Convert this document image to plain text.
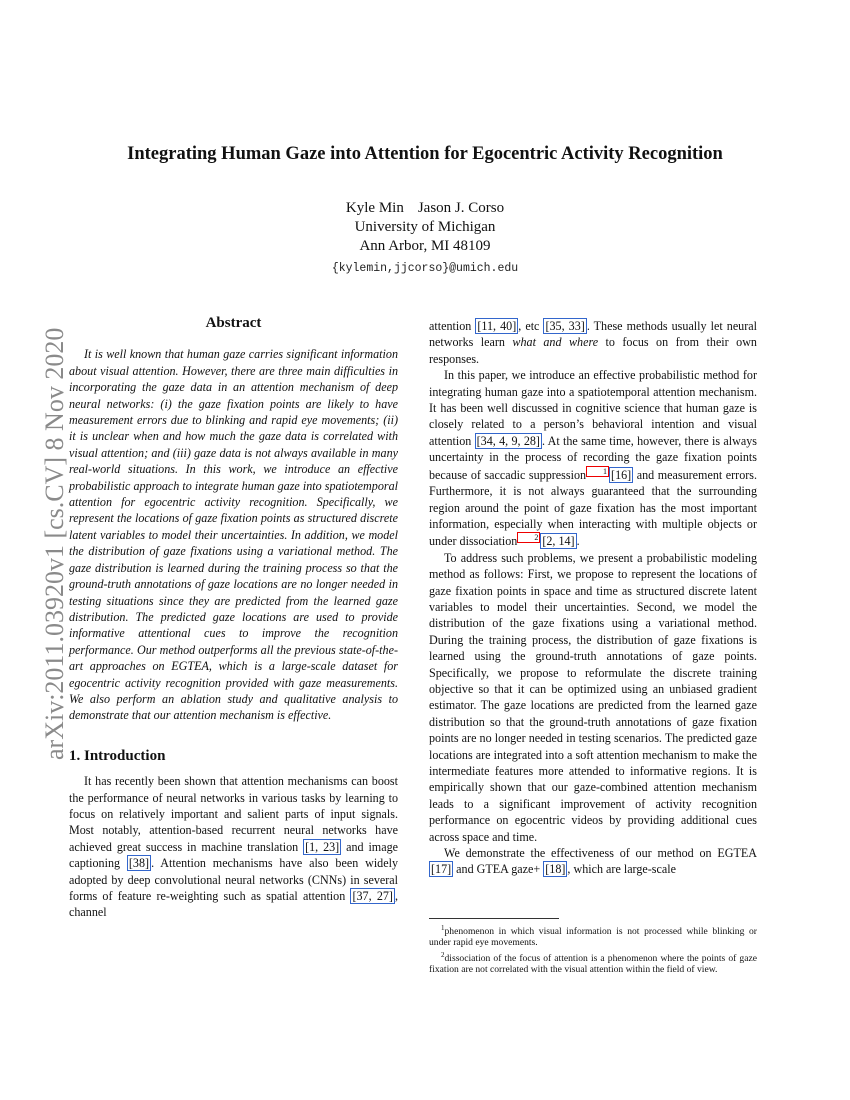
Integrating Human Gaze into Attention for Egocentric Activity Recognition
Kyle Min Jason J. Corso
University of Michigan
Ann Arbor, MI 48109
{kylemin,jjcorso}@umich.edu
arXiv:2011.03920v1 [cs.CV] 8 Nov 2020
Abstract

It is well known that human gaze carries significant information about visual attention. However, there are three main difficulties in incorporating the gaze data in an attention mechanism of deep neural networks: (i) the gaze fixation points are likely to have measurement errors due to blinking and rapid eye movements; (ii) it is unclear when and how much the gaze data is correlated with visual attention; and (iii) gaze data is not always available in many real-world situations. In this work, we introduce an effective probabilistic approach to integrate human gaze into spatiotemporal attention for egocentric activity recognition. Specifically, we represent the locations of gaze fixation points as structured discrete latent variables to model their uncertainties. In addition, we model the distribution of gaze fixations using a variational method. The gaze distribution is learned during the training process so that the ground-truth annotations of gaze locations are no longer needed in testing situations since they are predicted from the learned gaze distribution. The predicted gaze locations are used to provide informative attentional cues to improve the recognition performance. Our method outperforms all the previous state-of-the-art approaches on EGTEA, which is a large-scale dataset for egocentric activity recognition provided with gaze measurements. We also perform an ablation study and qualitative analysis to demonstrate that our attention mechanism is effective.

1. Introduction

It has recently been shown that attention mechanisms can boost the performance of neural networks in various tasks by learning to focus on relatively important and salient parts of input signals. Most notably, attention-based recurrent neural networks have achieved great success in machine translation [1, 23] and image captioning [38] . Attention mechanisms have also been widely adopted by deep convolutional neural networks (CNNs) in several forms of feature re-weighting such as spatial attention [37, 27] , channel

attention [11, 40] , etc [35, 33] . These methods usually let neural networks learn what and where to focus on from their own responses.

In this paper, we introduce an effective probabilistic method for integrating human gaze into a spatiotemporal attention mechanism. It has been well discussed in cognitive science that human gaze is closely related to a person’s behavioral intention and visual attention [34, 4, 9, 28] . At the same time, however, there is always uncertainty in the process of recording the gaze fixation points because of saccadic suppression 1 [16] and measurement errors. Furthermore, it is not always guaranteed that the surrounding region around the point of gaze fixation has the most important information, especially when interacting with multiple objects or under dissociation 2 [2, 14] .

To address such problems, we present a probabilistic modeling method as follows: First, we propose to represent the locations of gaze fixation points in space and time as structured discrete latent variables to model their uncertainties. Second, we model the distribution of the gaze fixations using a variational method. During the training process, the distribution of gaze fixations is learned using the ground-truth annotations of gaze points. Specifically, we propose to reformulate the discrete training objective so that it can be optimized using an unbiased gradient estimator. The gaze locations are predicted from the learned gaze distribution so that the ground-truth annotations of gaze fixation points are no longer needed in testing scenarios. The predicted gaze locations are integrated into a soft attention mechanism to make the intermediate features more attended to informative regions. It is empirically shown that our gaze-combined attention mechanism leads to a significant improvement of activity recognition performance on egocentric videos by providing additional cues across space and time.

We demonstrate the effectiveness of our method on EGTEA [17] and GTEA gaze+ [18] , which are large-scale

$^1$phenomenon in which visual information is not processed while blinking or under rapid eye movements.

$^2$dissociation of the focus of attention is a phenomenon where the points of gaze fixation are not correlated with the visual attention within the field of view.
